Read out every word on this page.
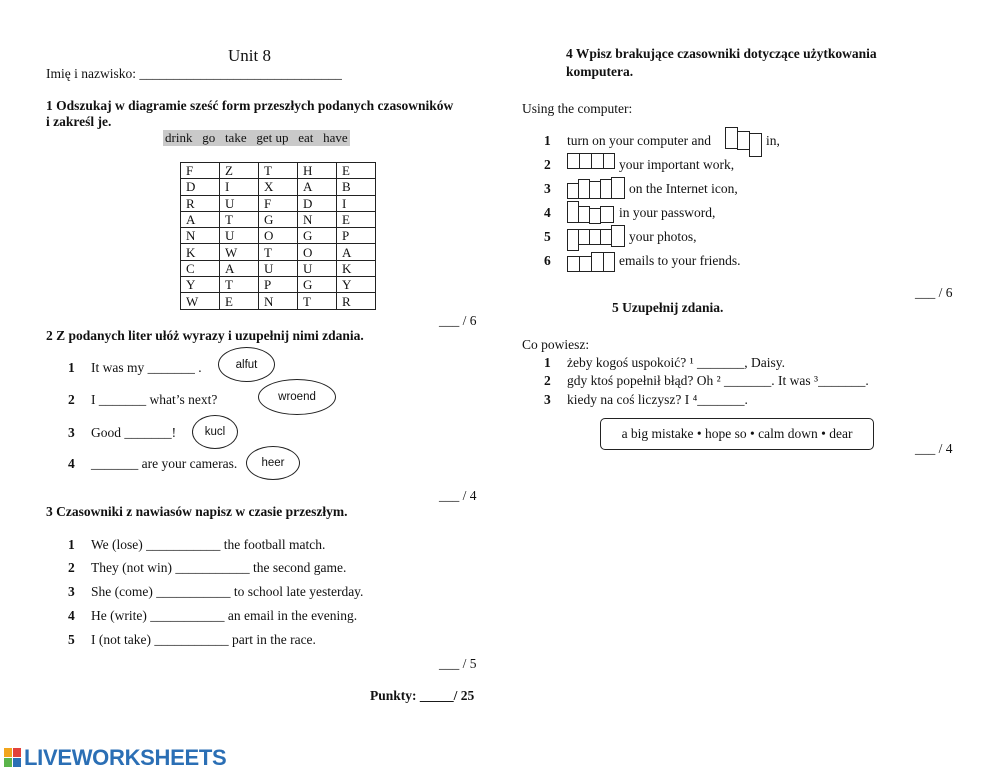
Unit 8
Imię i nazwisko: ______________________________
1 Odszukaj w diagramie sześć form przeszłych podanych czasowników
i zakreśl je.
drink   go   take   get up   eat   have
F	Z	T	H	E
D	I	X	A	B
R	U	F	D	I
A	T	G	N	E
N	U	O	G	P
K	W	T	O	A
C	A	U	U	K
Y	T	P	G	Y
W	E	N	T	R
___ / 6
2 Z podanych liter ułóż wyrazy i uzupełnij nimi zdania.
1 It was my _______ .
2 I _______ what’s next?
3 Good _______!
4 _______ are your cameras.
alfut
wroend
kucl
heer
___ / 4
3 Czasowniki z nawiasów napisz w czasie przeszłym.
1 We (lose) ___________ the football match.
2 They (not win) ___________ the second game.
3 She (come) ___________ to school late yesterday.
4 He (write) ___________ an email in the evening.
5 I (not take) ___________ part in the race.
___ / 5
Punkty: _____/ 25
4 Wpisz brakujące czasowniki dotyczące użytkowania
komputera.
Using the computer:
1 turn on your computer and	in,
2	your important work,
3	on the Internet icon,
4	in your password,
5	your photos,
6	emails to your friends.
___ / 6
5 Uzupełnij zdania.
Co powiesz:
1 żeby kogoś uspokoić? ¹ _______, Daisy.
2 gdy ktoś popełnił błąd? Oh ² _______. It was ³_______.
3 kiedy na coś liczysz? I ⁴_______.
a big mistake • hope so • calm down • dear
___ / 4
LIVEWORKSHEETS
